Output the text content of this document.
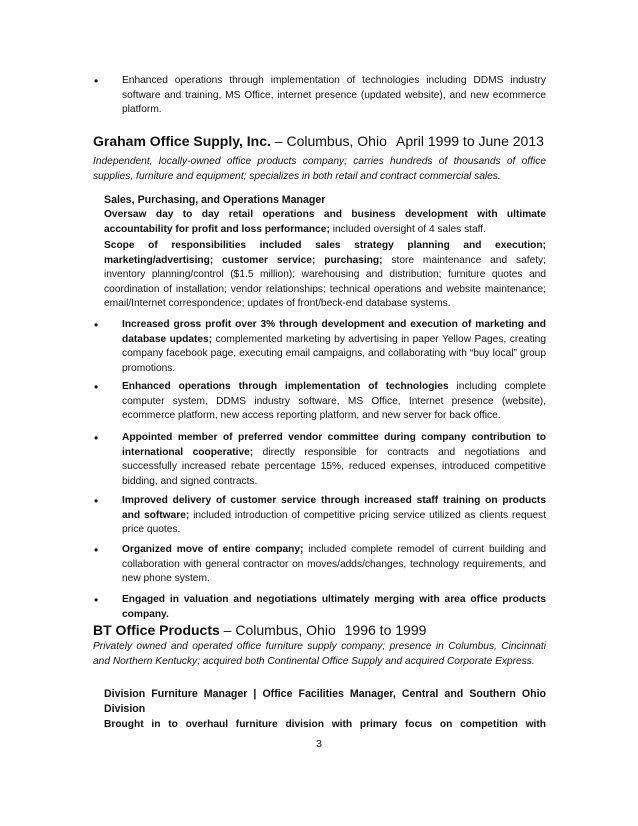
• Enhanced operations through implementation of technologies including DDMS industry software and training, MS Office, internet presence (updated website), and new ecommerce platform.
Graham Office Supply, Inc. – Columbus, Ohio April 1999 to June 2013
Independent, locally-owned office products company; carries hundreds of thousands of office supplies, furniture and equipment; specializes in both retail and contract commercial sales.
Sales, Purchasing, and Operations Manager
Oversaw day to day retail operations and business development with ultimate accountability for profit and loss performance; included oversight of 4 sales staff.
Scope of responsibilities included sales strategy planning and execution; marketing/advertising; customer service; purchasing; store maintenance and safety; inventory planning/control ($1.5 million); warehousing and distribution; furniture quotes and coordination of installation; vendor relationships; technical operations and website maintenance; email/Internet correspondence; updates of front/beck-end database systems.
• Increased gross profit over 3% through development and execution of marketing and database updates; complemented marketing by advertising in paper Yellow Pages, creating company facebook page, executing email campaigns, and collaborating with “buy local” group promotions.
• Enhanced operations through implementation of technologies including complete computer system, DDMS industry software, MS Office, Internet presence (website), ecommerce platform, new access reporting platform, and new server for back office.
• Appointed member of preferred vendor committee during company contribution to international cooperative; directly responsible for contracts and negotiations and successfully increased rebate percentage 15%, reduced expenses, introduced competitive bidding, and signed contracts.
• Improved delivery of customer service through increased staff training on products and software; included introduction of competitive pricing service utilized as clients request price quotes.
• Organized move of entire company; included complete remodel of current building and collaboration with general contractor on moves/adds/changes, technology requirements, and new phone system.
• Engaged in valuation and negotiations ultimately merging with area office products company.
BT Office Products – Columbus, Ohio 1996 to 1999
Privately owned and operated office furniture supply company; presence in Columbus, Cincinnati and Northern Kentucky; acquired both Continental Office Supply and acquired Corporate Express.
Division Furniture Manager | Office Facilities Manager, Central and Southern Ohio Division
Brought in to overhaul furniture division with primary focus on competition with
3
